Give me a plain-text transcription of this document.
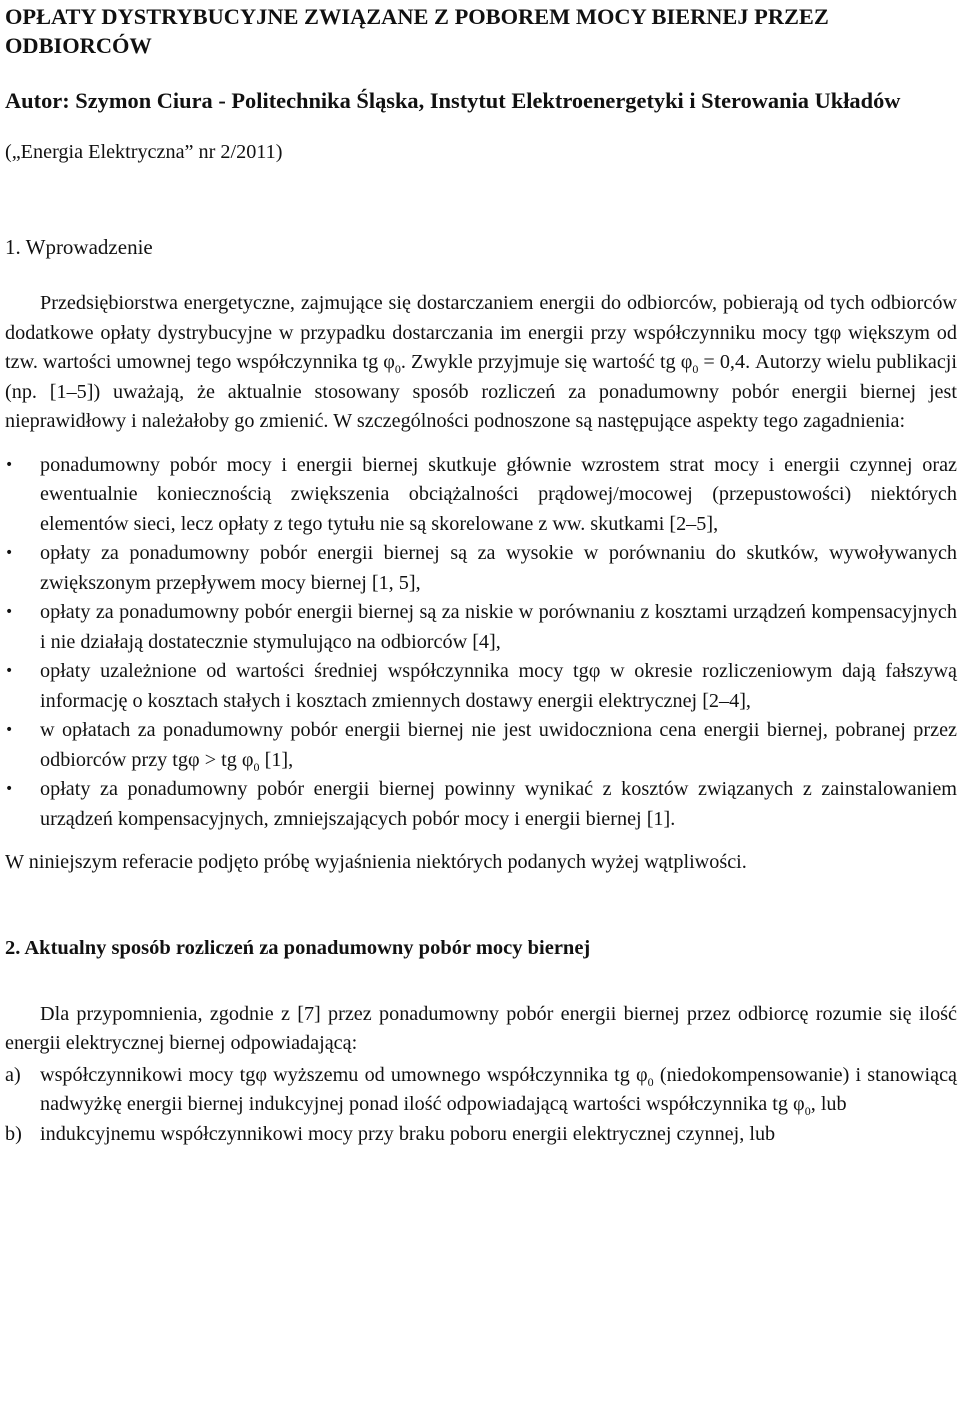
OPŁATY DYSTRYBUCYJNE ZWIĄZANE Z POBOREM MOCY BIERNEJ PRZEZ ODBIORCÓW

Autor: Szymon Ciura - Politechnika Śląska, Instytut Elektroenergetyki i Sterowania Układów

(„Energia Elektryczna” nr 2/2011)

1. Wprowadzenie

Przedsiębiorstwa energetyczne, zajmujące się dostarczaniem energii do odbiorców, pobierają od tych odbiorców dodatkowe opłaty dystrybucyjne w przypadku dostarczania im energii przy współczynniku mocy tgφ większym od tzw. wartości umownej tego współczynnika tg $\varphi_0$. Zwykle przyjmuje się wartość tg $\varphi_0 = 0,4$. Autorzy wielu publikacji (np. [1–5]) uważają, że aktualnie stosowany sposób rozliczeń za ponadumowny pobór energii biernej jest nieprawidłowy i należałoby go zmienić. W szczególności podnoszone są następujące aspekty tego zagadnienia:

•	ponadumowny pobór mocy i energii biernej skutkuje głównie wzrostem strat mocy i energii czynnej oraz ewentualnie koniecznością zwiększenia obciążalności prądowej/mocowej (przepustowości) niektórych elementów sieci, lecz opłaty z tego tytułu nie są skorelowane z ww. skutkami [2–5],
•	opłaty za ponadumowny pobór energii biernej są za wysokie w porównaniu do skutków, wywoływanych zwiększonym przepływem mocy biernej [1, 5],
•	opłaty za ponadumowny pobór energii biernej są za niskie w porównaniu z kosztami urządzeń kompensacyjnych i nie działają dostatecznie stymulująco na odbiorców [4],
•	opłaty uzależnione od wartości średniej współczynnika mocy tgφ w okresie rozliczeniowym dają fałszywą informację o kosztach stałych i kosztach zmiennych dostawy energii elektrycznej [2–4],
•	w opłatach za ponadumowny pobór energii biernej nie jest uwidoczniona cena energii biernej, pobranej przez odbiorców przy tgφ > tg $\varphi_0$ [1],
•	opłaty za ponadumowny pobór energii biernej powinny wynikać z kosztów związanych z zainstalowaniem urządzeń kompensacyjnych, zmniejszających pobór mocy i energii biernej [1].

W niniejszym referacie podjęto próbę wyjaśnienia niektórych podanych wyżej wątpliwości.

2. Aktualny sposób rozliczeń za ponadumowny pobór mocy biernej

Dla przypomnienia, zgodnie z [7] przez ponadumowny pobór energii biernej przez odbiorcę rozumie się ilość energii elektrycznej biernej odpowiadającą:

a) współczynnikowi mocy tgφ wyższemu od umownego współczynnika tg $\varphi_0$ (niedokompensowanie) i stanowiącą nadwyżkę energii biernej indukcyjnej ponad ilość odpowiadającą wartości współczynnika tg $\varphi_0$, lub
b) indukcyjnemu współczynnikowi mocy przy braku poboru energii elektrycznej czynnej, lub
